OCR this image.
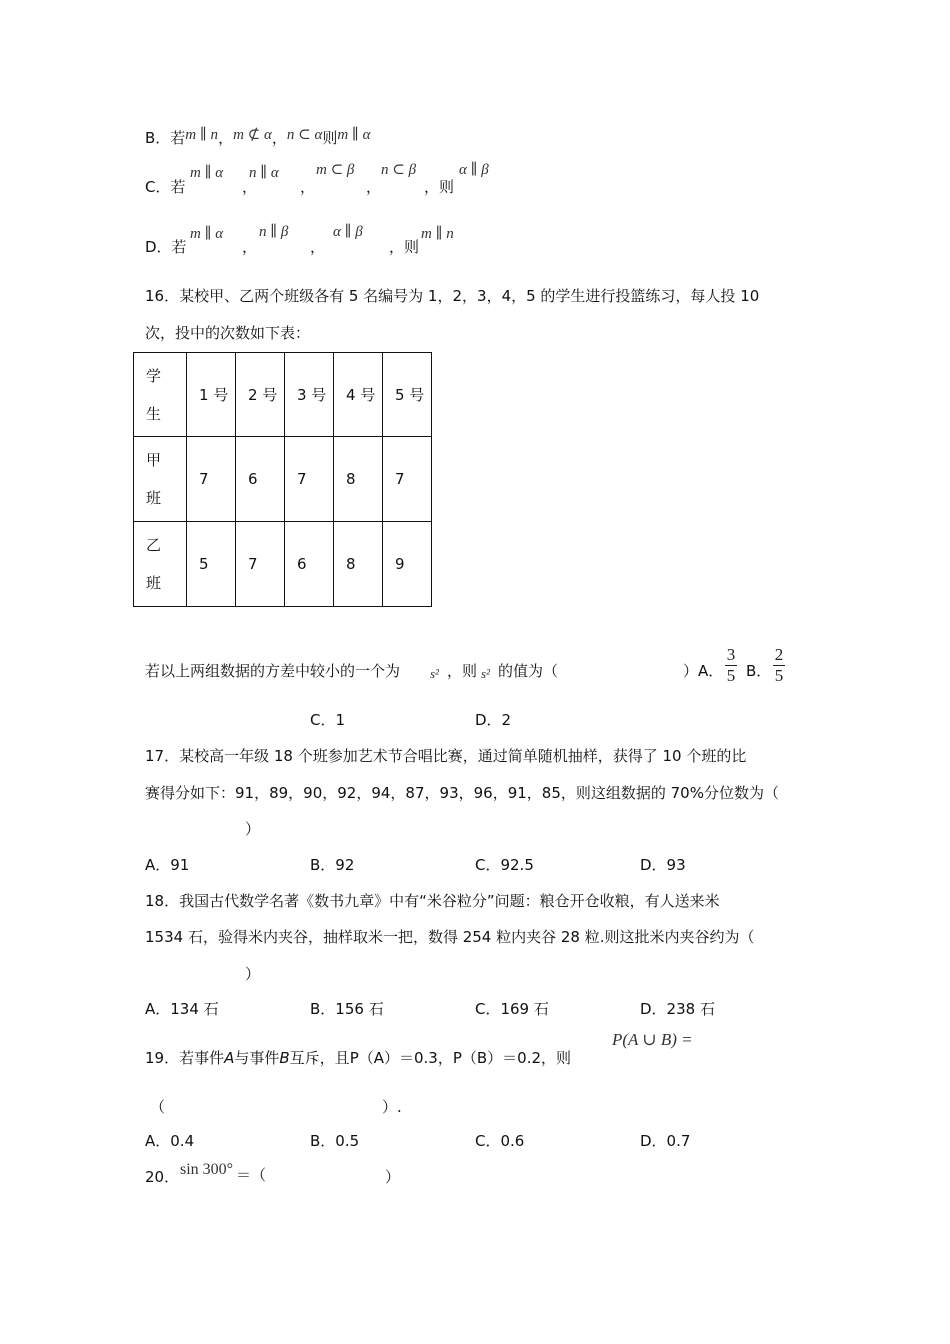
B．若m ∥ n，m ⊄ α，n ⊂ α则m ∥ α
C．若
m ∥ α
，
n ∥ α
，
m ⊂ β
，
n ⊂ β
，则
α ∥ β
D．若
m ∥ α
，
n ∥ β
，
α ∥ β
，则
m ∥ n
16．某校甲、乙两个班级各有 5 名编号为 1，2，3，4，5 的学生进行投篮练习，每人投 10
次，投中的次数如下表：
学生	1 号	2 号	3 号	4 号	5 号

甲班	7	6	7	8	7

乙班	5	7	6	8	9
若以上两组数据的方差中较小的一个为 s² ，则 s² 的值为（	）A．
3
5 B．
2
5
C．1	D．2
17．某校高一年级 18 个班参加艺术节合唱比赛，通过简单随机抽样，获得了 10 个班的比
赛得分如下：91，89，90，92，94，87，93，96，91，85，则这组数据的 70%分位数为（
）
A．91	B．92	C．92.5	D．93
18．我国古代数学名著《数书九章》中有“米谷粒分”问题：粮仓开仓收粮，有人送来米
1534 石，验得米内夹谷，抽样取米一把，数得 254 粒内夹谷 28 粒.则这批米内夹谷约为（
）
A．134 石	B．156 石	C．169 石	D．238 石
19．若事件A与事件B互斥，且P（A）＝0.3，P（B）＝0.2，则
P(A ∪ B) =
（	）.
A．0.4	B．0.5	C．0.6	D．0.7
20． sin 300° ＝（	）
